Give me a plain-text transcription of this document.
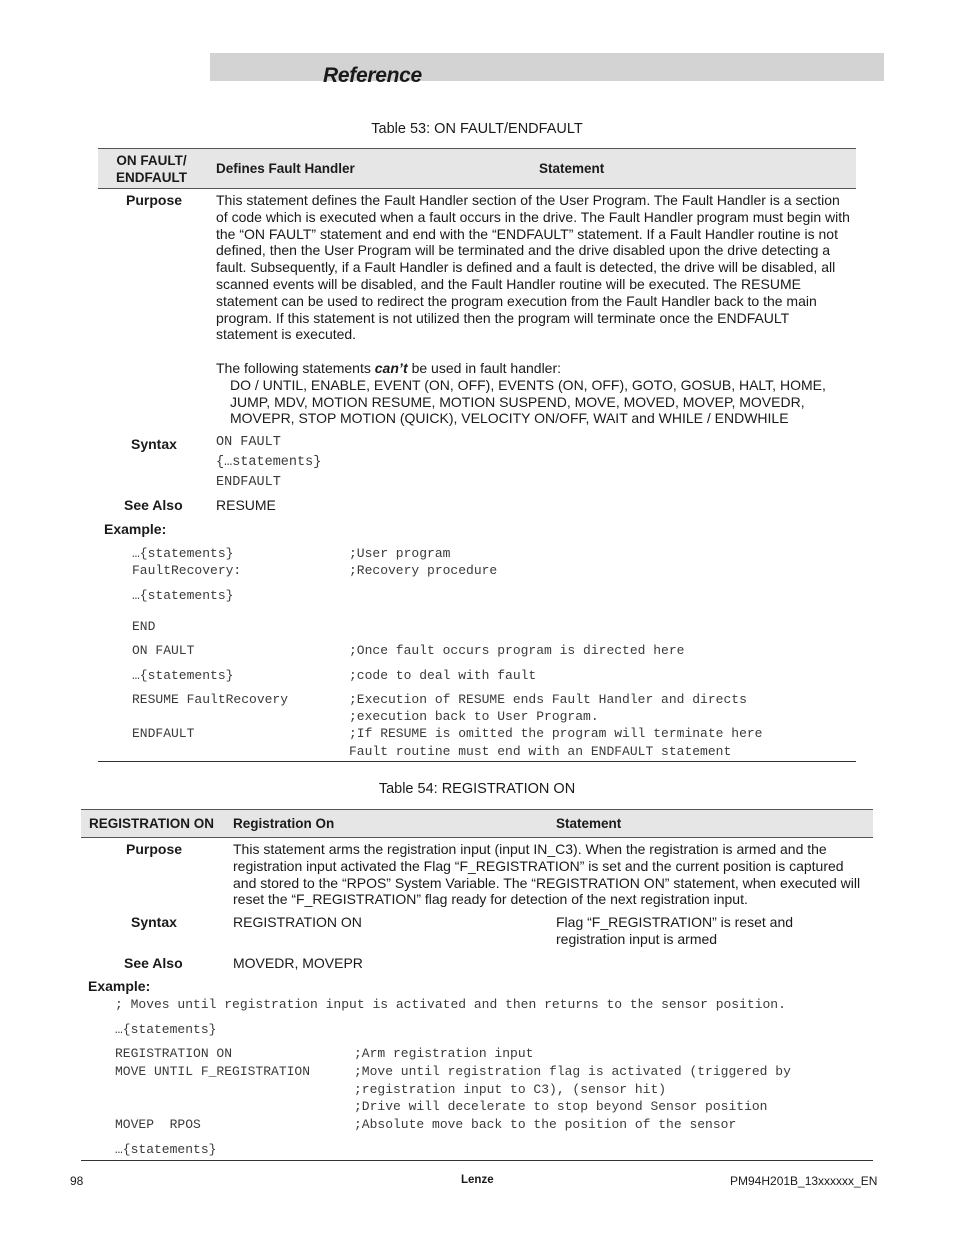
Reference
Table 53: ON FAULT/ENDFAULT
ON FAULT/
ENDFAULT
Defines Fault Handler	Statement
Purpose This statement defines the Fault Handler section of the User Program. The Fault Handler is a section of code which is executed when a fault occurs in the drive. The Fault Handler program must begin with the “ON FAULT” statement and end with the “ENDFAULT” statement. If a Fault Handler routine is not defined, then the User Program will be terminated and the drive disabled upon the drive detecting a fault. Subsequently, if a Fault Handler is defined and a fault is detected, the drive will be disabled, all scanned events will be disabled, and the Fault Handler routine will be executed. The RESUME statement can be used to redirect the program execution from the Fault Handler back to the main program. If this statement is not utilized then the program will terminate once the ENDFAULT statement is executed.

The following statements can’t be used in fault handler:

DO / UNTIL, ENABLE, EVENT (ON, OFF), EVENTS (ON, OFF), GOTO, GOSUB, HALT, HOME, JUMP, MDV, MOTION RESUME, MOTION SUSPEND, MOVE, MOVED, MOVEP, MOVEDR, MOVEPR, STOP MOTION (QUICK), VELOCITY ON/OFF, WAIT and WHILE / ENDWHILE

Syntax	ON FAULT
{…statements}
ENDFAULT
See Also RESUME
Example:
…{statements}	;User program
FaultRecovery:	;Recovery procedure
…{statements}
END
ON FAULT	;Once fault occurs program is directed here
…{statements}	;code to deal with fault
RESUME FaultRecovery	;Execution of RESUME ends Fault Handler and directs
;execution back to User Program.
ENDFAULT	;If RESUME is omitted the program will terminate here
Fault routine must end with an ENDFAULT statement
Table 54: REGISTRATION ON
REGISTRATION ON Registration On	Statement
Purpose	This statement arms the registration input (input IN_C3). When the registration is armed and the registration input activated the Flag “F_REGISTRATION” is set and the current position is captured and stored to the “RPOS” System Variable. The “REGISTRATION ON” statement, when executed will reset the “F_REGISTRATION” flag ready for detection of the next registration input.
Syntax	REGISTRATION ON	Flag “F_REGISTRATION” is reset and registration input is armed
See Also	MOVEDR, MOVEPR
Example:
; Moves until registration input is activated and then returns to the sensor position.
…{statements}
REGISTRATION ON	;Arm registration input
MOVE UNTIL F_REGISTRATION	;Move until registration flag is activated (triggered by
;registration input to C3), (sensor hit)
;Drive will decelerate to stop beyond Sensor position
MOVEP  RPOS	;Absolute move back to the position of the sensor
…{statements}
98	Lenze	PM94H201B_13xxxxxx_EN
